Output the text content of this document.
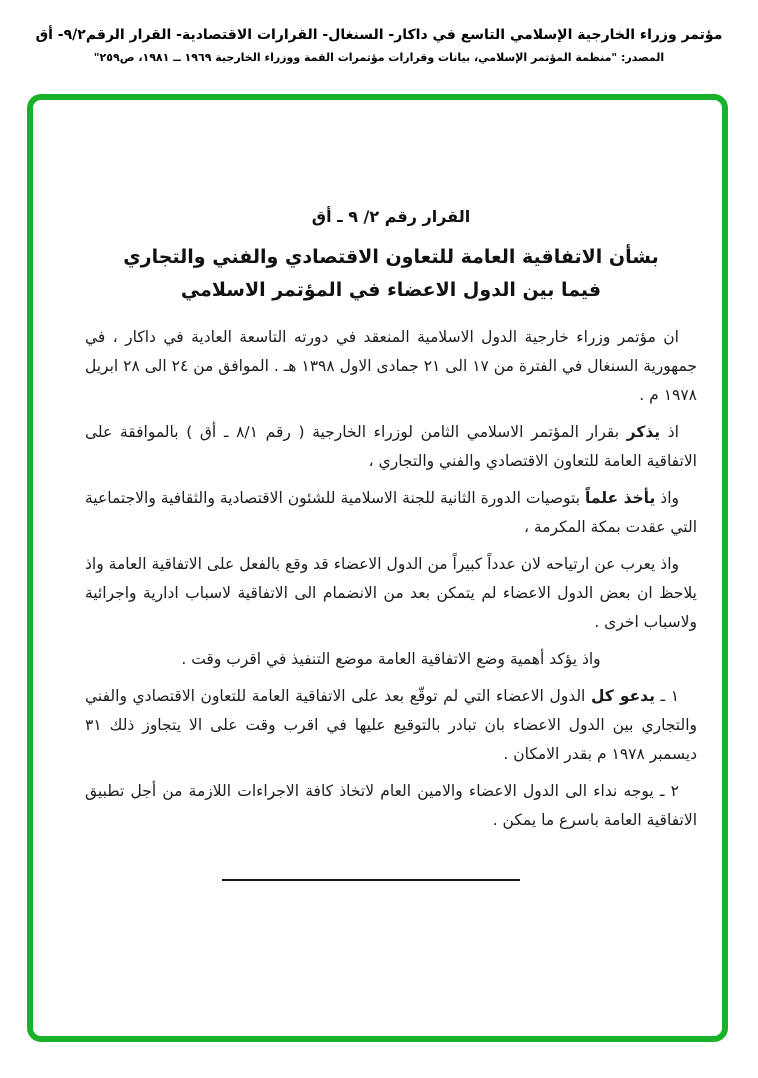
مؤتمر وزراء الخارجية الإسلامي التاسع في داكار- السنغال- القرارات الاقتصادية- القرار الرقم٩/٢- أق
المصدر: "منظمة المؤتمر الإسلامي، بيانات وقرارات مؤتمرات القمة ووزراء الخارجية ١٩٦٩ ــ ١٩٨١، ص٢٥٩"
القرار رقم ٢/ ٩ ـ أق
بشأن الاتفاقية العامة للتعاون الاقتصادي والفني والتجاري
فيما بين الدول الاعضاء في المؤتمر الاسلامي

ان مؤتمر وزراء خارجية الدول الاسلامية المنعقد في دورته التاسعة العادية في داكار ، في جمهورية السنغال في الفترة من ١٧ الى ٢١ جمادى الاول ١٣٩٨ هـ . الموافق من ٢٤ الى ٢٨ ابريل ١٩٧٨ م .

اذ يذكر بقرار المؤتمر الاسلامي الثامن لوزراء الخارجية ( رقم ٨/١ ـ أق ) بالموافقة على الاتفاقية العامة للتعاون الاقتصادي والفني والتجاري ،

واذ يأخذ علماً بتوصيات الدورة الثانية للجنة الاسلامية للشئون الاقتصادية والثقافية والاجتماعية التي عقدت بمكة المكرمة ،

واذ يعرب عن ارتياحه لان عدداً كبيراً من الدول الاعضاء قد وقع بالفعل على الاتفاقية العامة واذ يلاحظ ان بعض الدول الاعضاء لم يتمكن بعد من الانضمام الى الاتفاقية لاسباب ادارية واجرائية ولاسباب اخرى .

واذ يؤكد أهمية وضع الاتفاقية العامة موضع التنفيذ في اقرب وقت .

١ ـ يدعو كل الدول الاعضاء التي لم توقّع بعد على الاتفاقية العامة للتعاون الاقتصادي والفني والتجاري بين الدول الاعضاء بان تبادر بالتوقيع عليها في اقرب وقت على الا يتجاوز ذلك ٣١ ديسمبر ١٩٧٨ م بقدر الامكان .

٢ ـ يوجه نداء الى الدول الاعضاء والامين العام لاتخاذ كافة الاجراءات اللازمة من أجل تطبيق الاتفاقية العامة باسرع ما يمكن .
